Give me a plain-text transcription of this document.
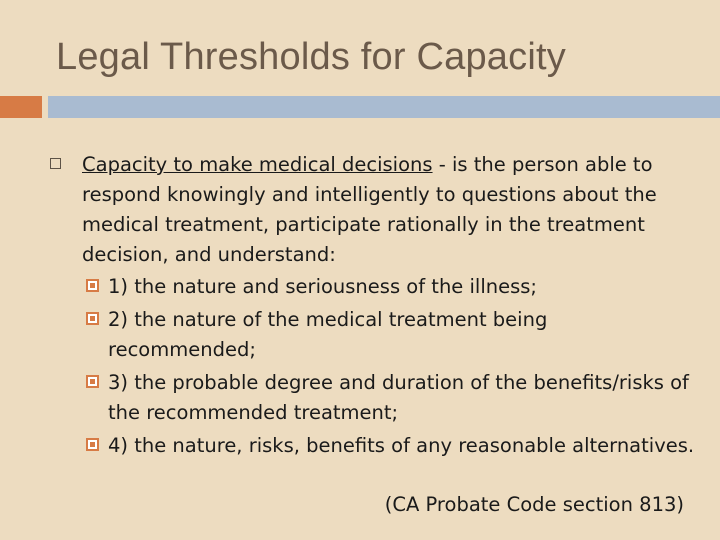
Legal Thresholds for Capacity
Capacity to make medical decisions - is the person able to respond knowingly and intelligently to questions about the medical treatment, participate rationally in the treatment decision, and understand:
1) the nature and seriousness of the illness;
2) the nature of the medical treatment being recommended;
3) the probable degree and duration of the benefits/risks of the recommended treatment;
4) the nature, risks, benefits of any reasonable alternatives.
(CA Probate Code section 813)
